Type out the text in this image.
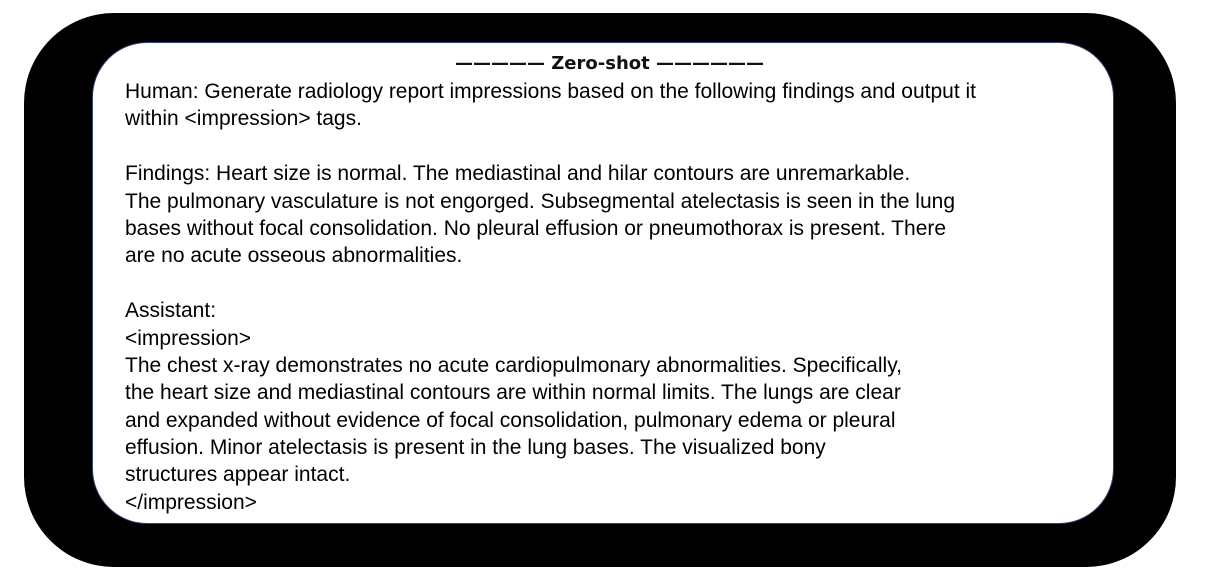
————— Zero-shot ——————
Human: Generate radiology report impressions based on the following findings and output it
within <impression> tags.
Findings: Heart size is normal. The mediastinal and hilar contours are unremarkable.
The pulmonary vasculature is not engorged. Subsegmental atelectasis is seen in the lung
bases without focal consolidation. No pleural effusion or pneumothorax is present. There
are no acute osseous abnormalities.
Assistant:
<impression>
The chest x-ray demonstrates no acute cardiopulmonary abnormalities. Specifically,
the heart size and mediastinal contours are within normal limits. The lungs are clear
and expanded without evidence of focal consolidation, pulmonary edema or pleural
effusion. Minor atelectasis is present in the lung bases. The visualized bony
structures appear intact.
</impression>
